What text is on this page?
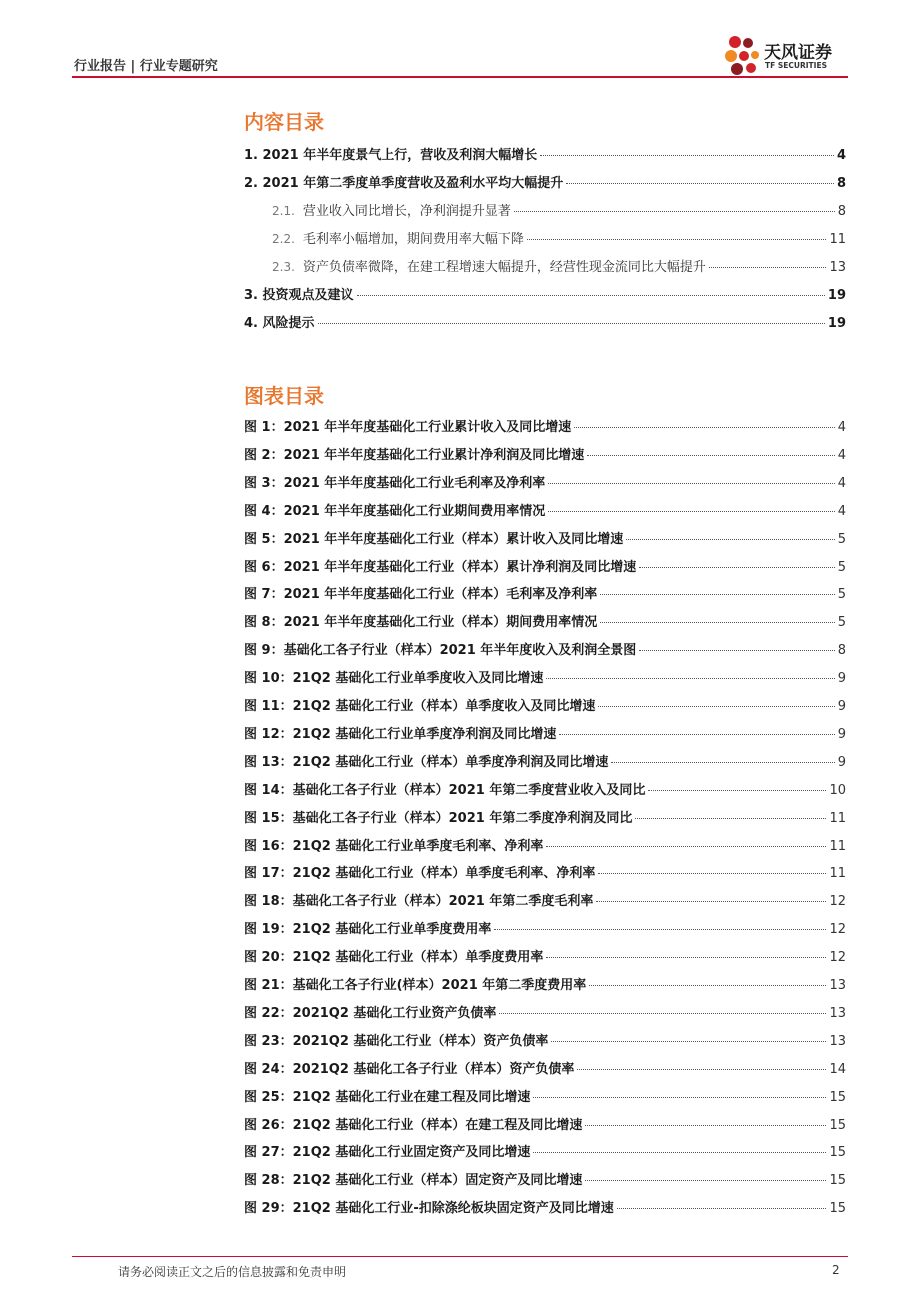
行业报告 | 行业专题研究
天风证券
TF SECURITIES
内容目录
1. 2021 年半年度景气上行，营收及利润大幅增长	4
2. 2021 年第二季度单季度营收及盈利水平均大幅提升	8
2.1. 营业收入同比增长，净利润提升显著	8
2.2. 毛利率小幅增加，期间费用率大幅下降	11
2.3. 资产负债率微降，在建工程增速大幅提升，经营性现金流同比大幅提升	13
3. 投资观点及建议	19
4. 风险提示	19
图表目录
图 1：2021 年半年度基础化工行业累计收入及同比增速	4
图 2：2021 年半年度基础化工行业累计净利润及同比增速	4
图 3：2021 年半年度基础化工行业毛利率及净利率	4
图 4：2021 年半年度基础化工行业期间费用率情况	4
图 5：2021 年半年度基础化工行业（样本）累计收入及同比增速	5
图 6：2021 年半年度基础化工行业（样本）累计净利润及同比增速	5
图 7：2021 年半年度基础化工行业（样本）毛利率及净利率	5
图 8：2021 年半年度基础化工行业（样本）期间费用率情况	5
图 9：基础化工各子行业（样本）2021 年半年度收入及利润全景图	8
图 10：21Q2 基础化工行业单季度收入及同比增速	9
图 11：21Q2 基础化工行业（样本）单季度收入及同比增速	9
图 12：21Q2 基础化工行业单季度净利润及同比增速	9
图 13：21Q2 基础化工行业（样本）单季度净利润及同比增速	9
图 14：基础化工各子行业（样本）2021 年第二季度营业收入及同比	10
图 15：基础化工各子行业（样本）2021 年第二季度净利润及同比	11
图 16：21Q2 基础化工行业单季度毛利率、净利率	11
图 17：21Q2 基础化工行业（样本）单季度毛利率、净利率	11
图 18：基础化工各子行业（样本）2021 年第二季度毛利率	12
图 19：21Q2 基础化工行业单季度费用率	12
图 20：21Q2 基础化工行业（样本）单季度费用率	12
图 21：基础化工各子行业(样本）2021 年第二季度费用率	13
图 22：2021Q2 基础化工行业资产负债率	13
图 23：2021Q2 基础化工行业（样本）资产负债率	13
图 24：2021Q2 基础化工各子行业（样本）资产负债率	14
图 25：21Q2 基础化工行业在建工程及同比增速	15
图 26：21Q2 基础化工行业（样本）在建工程及同比增速	15
图 27：21Q2 基础化工行业固定资产及同比增速	15
图 28：21Q2 基础化工行业（样本）固定资产及同比增速	15
图 29：21Q2 基础化工行业-扣除涤纶板块固定资产及同比增速	15
请务必阅读正文之后的信息披露和免责申明	2
